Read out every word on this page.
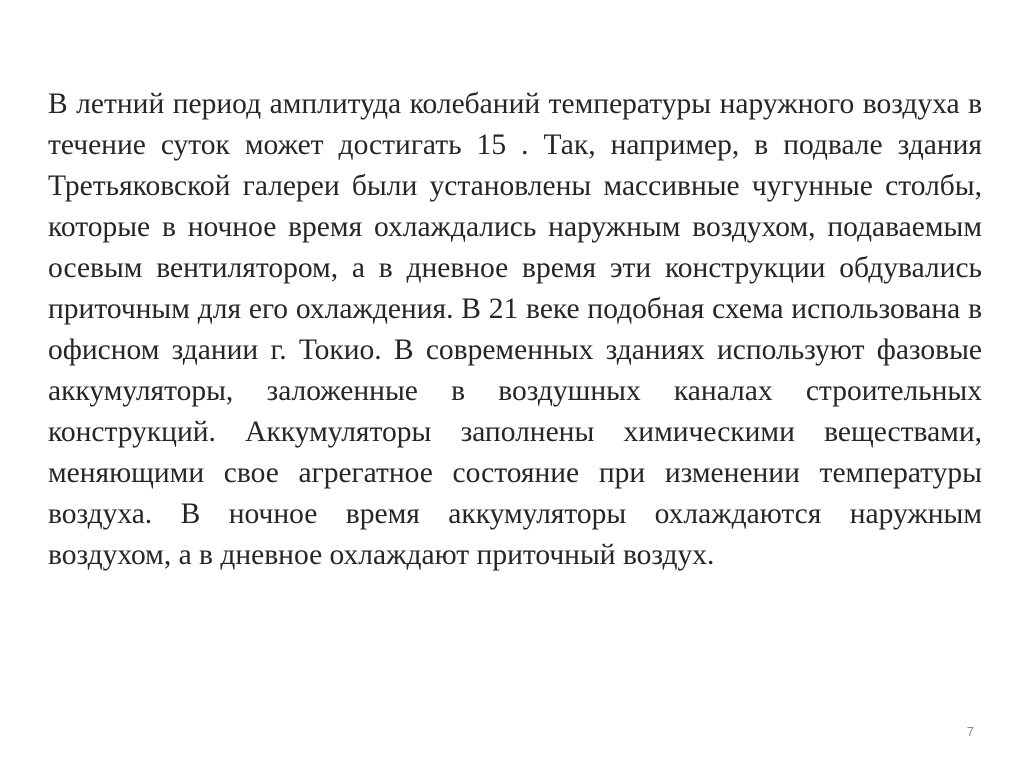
В летний период амплитуда колебаний температуры наружного воздуха в течение суток может достигать 15 . Так, например, в подвале здания Третьяковской галереи были установлены массивные чугунные столбы, которые в ночное время охлаждались наружным воздухом, подаваемым осевым вентилятором, а в дневное время эти конструкции обдувались приточным для его охлаждения. В 21 веке подобная схема использована в офисном здании г. Токио. В современных зданиях используют фазовые аккумуляторы, заложенные в воздушных каналах строительных конструкций. Аккумуляторы заполнены химическими веществами, меняющими свое агрегатное состояние при изменении температуры воздуха. В ночное время аккумуляторы охлаждаются наружным воздухом, а в дневное охлаждают приточный воздух.

7
